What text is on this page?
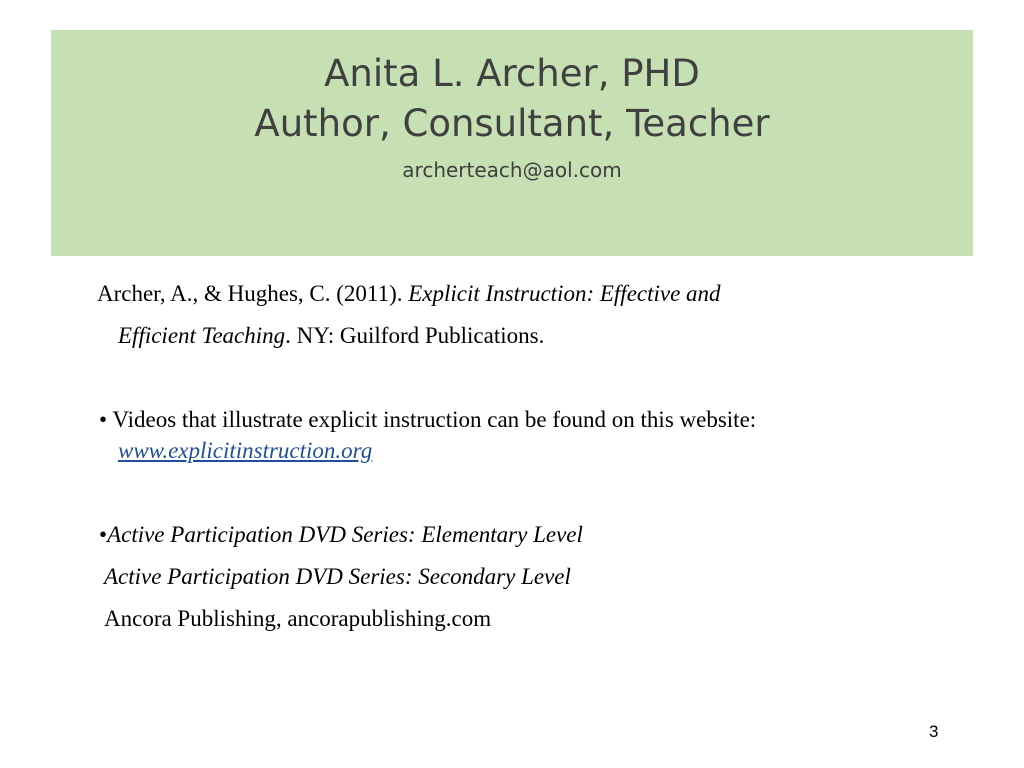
Anita L. Archer, PHD
Author, Consultant, Teacher
archerteach@aol.com
Archer, A., & Hughes, C. (2011). Explicit Instruction: Effective and
Efficient Teaching. NY: Guilford Publications.
• Videos that illustrate explicit instruction can be found on this website:
www.explicitinstruction.org
•Active Participation DVD Series: Elementary Level
Active Participation DVD Series: Secondary Level
Ancora Publishing, ancorapublishing.com
3
